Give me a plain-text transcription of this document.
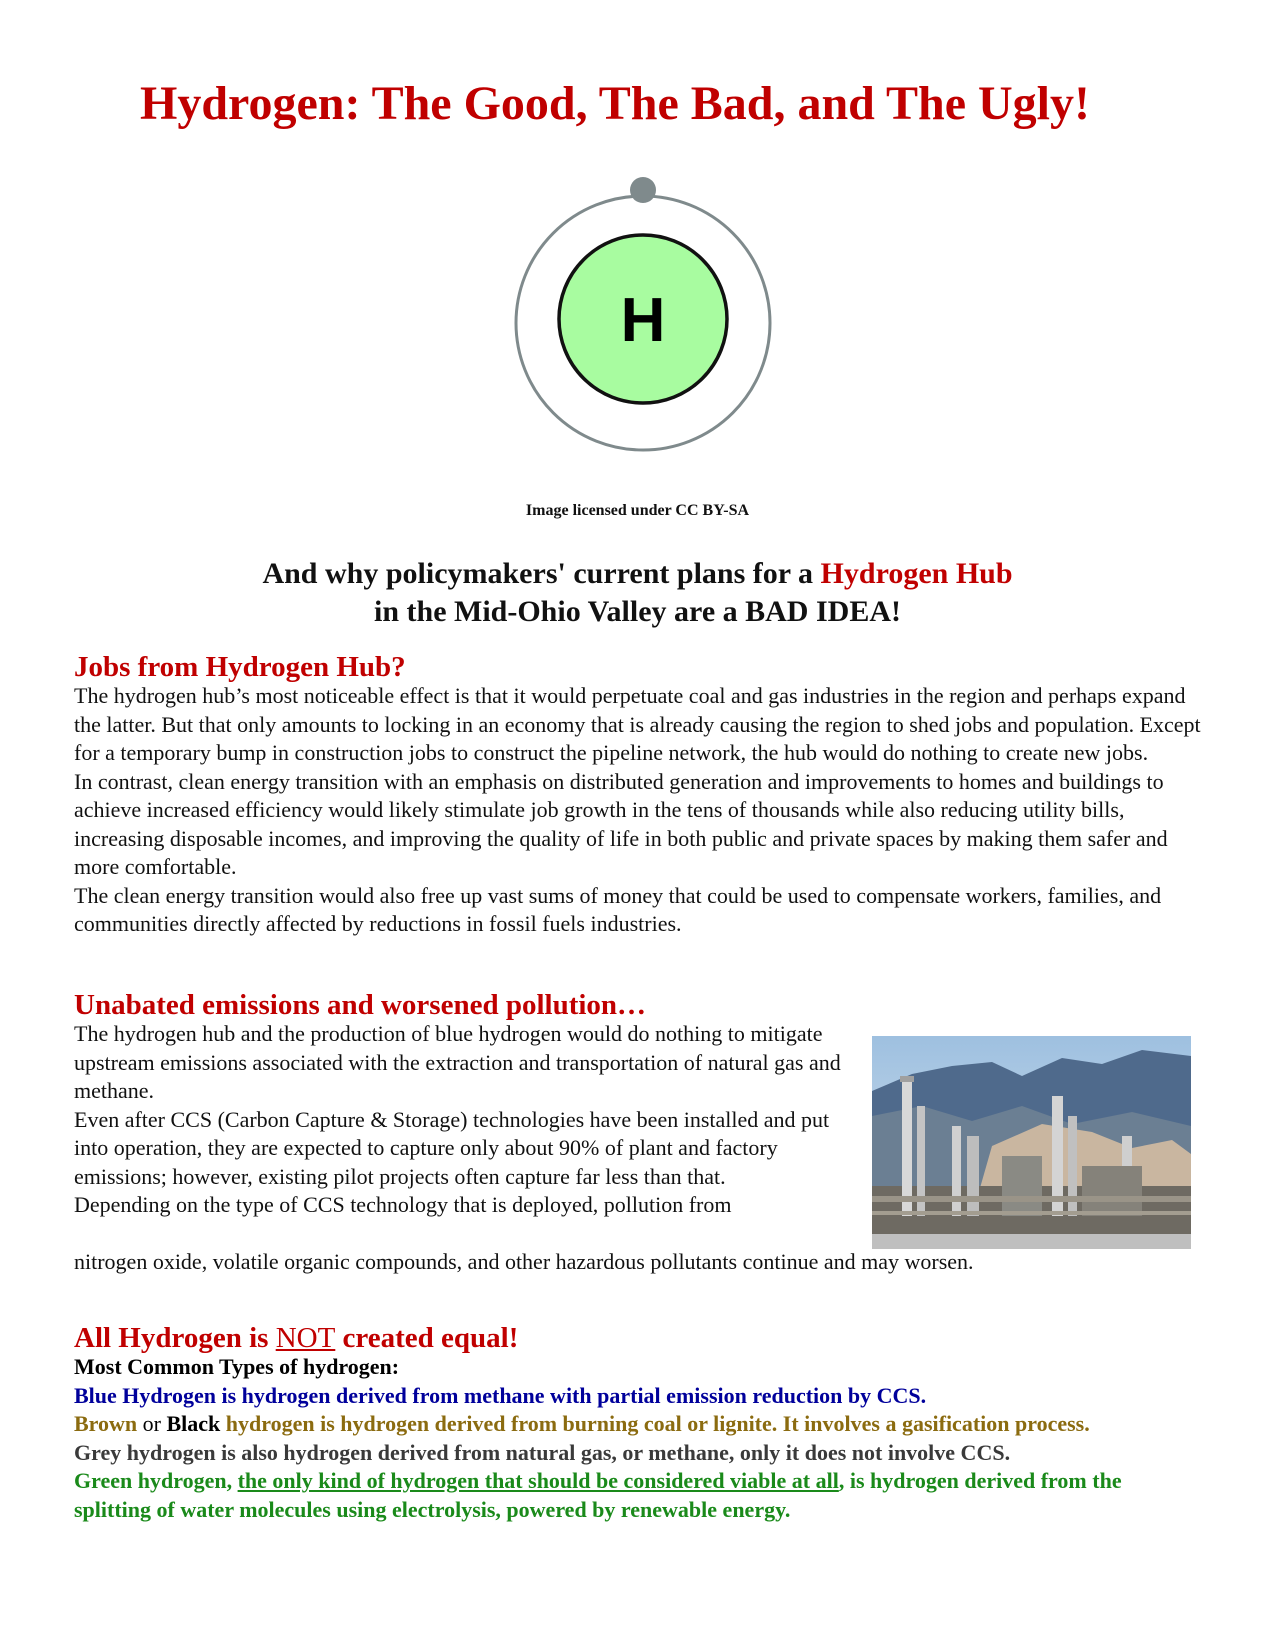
Hydrogen: The Good, The Bad, and The Ugly!
H
Image licensed under CC BY-SA
And why policymakers' current plans for a Hydrogen Hub
in the Mid-Ohio Valley are a BAD IDEA!
Jobs from Hydrogen Hub?

The hydrogen hub’s most noticeable effect is that it would perpetuate coal and gas industries in the region and perhaps expand the latter. But that only amounts to locking in an economy that is already causing the region to shed jobs and population. Except for a temporary bump in construction jobs to construct the pipeline network, the hub would do nothing to create new jobs.

In contrast, clean energy transition with an emphasis on distributed generation and improvements to homes and buildings to achieve increased efficiency would likely stimulate job growth in the tens of thousands while also reducing utility bills, increasing disposable incomes, and improving the quality of life in both public and private spaces by making them safer and more comfortable.

The clean energy transition would also free up vast sums of money that could be used to compensate workers, families, and communities directly affected by reductions in fossil fuels industries.

Unabated emissions and worsened pollution…

The hydrogen hub and the production of blue hydrogen would do nothing to mitigate upstream emissions associated with the extraction and transportation of natural gas and methane.

Even after CCS (Carbon Capture & Storage) technologies have been installed and put into operation, they are expected to capture only about 90% of plant and factory emissions; however, existing pilot projects often capture far less than that.

Depending on the type of CCS technology that is deployed, pollution from

nitrogen oxide, volatile organic compounds, and other hazardous pollutants continue and may worsen.
All Hydrogen is NOT created equal!

Most Common Types of hydrogen:

Blue Hydrogen is hydrogen derived from methane with partial emission reduction by CCS.

Brown or Black hydrogen is hydrogen derived from burning coal or lignite. It involves a gasification process.

Grey hydrogen is also hydrogen derived from natural gas, or methane, only it does not involve CCS.

Green hydrogen, the only kind of hydrogen that should be considered viable at all, is hydrogen derived from the splitting of water molecules using electrolysis, powered by renewable energy.
